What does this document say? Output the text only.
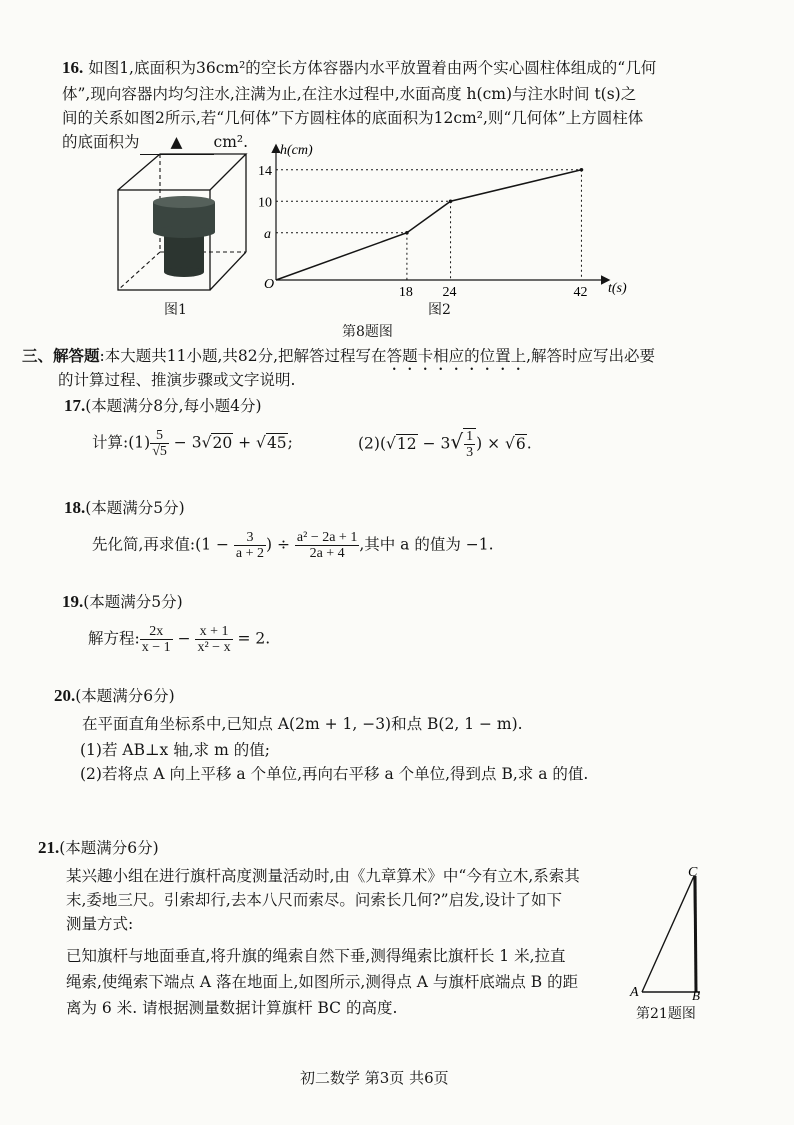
16. 如图1,底面积为36cm²的空长方体容器内水平放置着由两个实心圆柱体组成的“几何
体”,现向容器内均匀注水,注满为止,在注水过程中,水面高度 h(cm)与注水时间 t(s)之
间的关系如图2所示,若“几何体”下方圆柱体的底面积为12cm²,则“几何体”上方圆柱体
的底面积为 ▲ cm².
图1
h(cm)
t(s)
O
18 24	42
a
10
14
图2
第8题图
三、解答题:本大题共11小题,共82分,把解答过程写在答题卡相应的位置上,解答时应写出必要
的计算过程、推演步骤或文字说明.
17.(本题满分8分,每小题4分)
计算:(1) $\frac{5}{√5} - 3√20 + √45$;	$(2)(√12 - 3√ \frac{1}{3}$ ) × √6.
18.(本题满分5分)
先化简,再求值:(1 − $\frac{3}{a + 2}$ ) ÷ $\frac{\text{a² − 2a + 1}}{2a + 4}$ ,其中 a 的值为 −1.
19.(本题满分5分)
解方程: $\frac{2x}{x - 1} - \frac{x + 1}{\text{x² − x}} = 2$.
20.(本题满分6分)
在平面直角坐标系中,已知点 A(2m + 1, −3)和点 B(2, 1 − m).
(1)若 AB⊥x 轴,求 m 的值;
(2)若将点 A 向上平移 a 个单位,再向右平移 a 个单位,得到点 B,求 a 的值.
21.(本题满分6分)
某兴趣小组在进行旗杆高度测量活动时,由《九章算术》中“今有立木,系索其
末,委地三尺。引索却行,去本八尺而索尽。问索长几何?”启发,设计了如下
测量方式:
已知旗杆与地面垂直,将升旗的绳索自然下垂,测得绳索比旗杆长 1 米,拉直
绳索,使绳索下端点 A 落在地面上,如图所示,测得点 A 与旗杆底端点 B 的距
离为 6 米. 请根据测量数据计算旗杆 BC 的高度.
C
A	B
第21题图
初二数学 第3页 共6页
